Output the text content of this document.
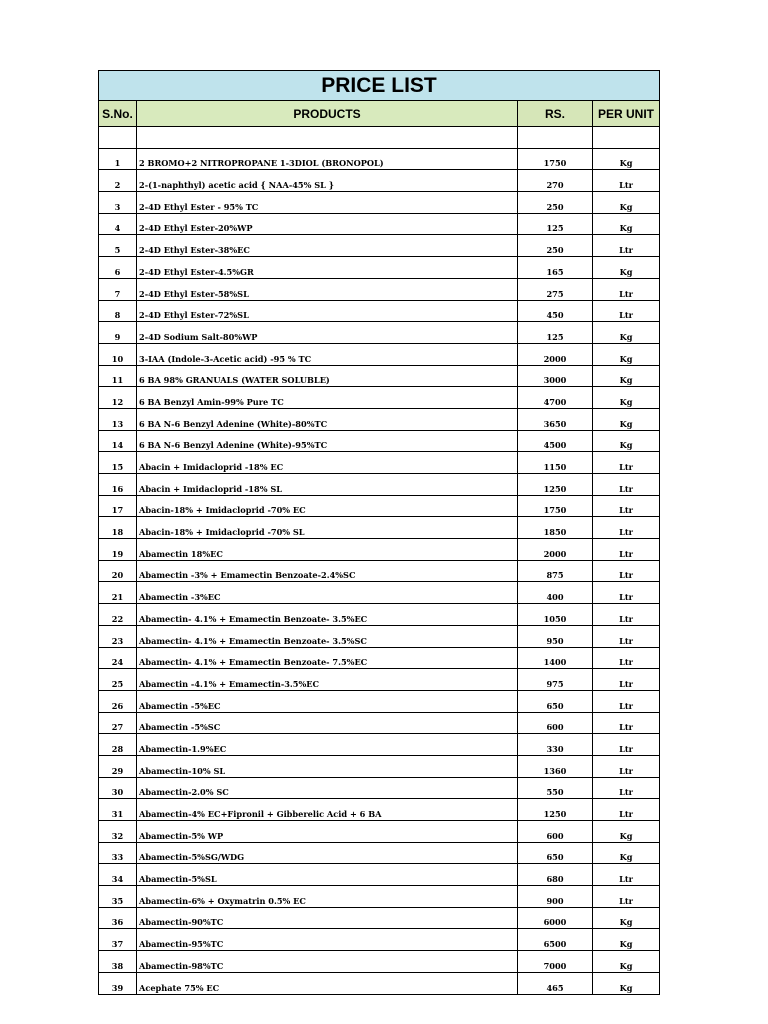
PRICE LIST			
S.No.	PRODUCTS	RS.	PER UNIT

1	2 BROMO+2 NITROPROPANE 1-3DIOL (BRONOPOL)	1750	Kg
2	2-(1-naphthyl) acetic acid { NAA-45% SL }	270	Ltr
3	2-4D Ethyl Ester - 95% TC	250	Kg
4	2-4D Ethyl Ester-20%WP	125	Kg
5	2-4D Ethyl Ester-38%EC	250	Ltr
6	2-4D Ethyl Ester-4.5%GR	165	Kg
7	2-4D Ethyl Ester-58%SL	275	Ltr
8	2-4D Ethyl Ester-72%SL	450	Ltr
9	2-4D Sodium Salt-80%WP	125	Kg
10	3-IAA (Indole-3-Acetic acid) -95 % TC	2000	Kg
11	6 BA 98% GRANUALS (WATER SOLUBLE)	3000	Kg
12	6 BA Benzyl Amin-99% Pure TC	4700	Kg
13	6 BA N-6 Benzyl Adenine (White)-80%TC	3650	Kg
14	6 BA N-6 Benzyl Adenine (White)-95%TC	4500	Kg
15	Abacin + Imidacloprid -18% EC	1150	Ltr
16	Abacin + Imidacloprid -18% SL	1250	Ltr
17	Abacin-18% + Imidacloprid -70% EC	1750	Ltr
18	Abacin-18% + Imidacloprid -70% SL	1850	Ltr
19	Abamectin 18%EC	2000	Ltr
20	Abamectin -3% + Emamectin Benzoate-2.4%SC	875	Ltr
21	Abamectin -3%EC	400	Ltr
22	Abamectin- 4.1% + Emamectin Benzoate- 3.5%EC	1050	Ltr
23	Abamectin- 4.1% + Emamectin Benzoate- 3.5%SC	950	Ltr
24	Abamectin- 4.1% + Emamectin Benzoate- 7.5%EC	1400	Ltr
25	Abamectin -4.1% + Emamectin-3.5%EC	975	Ltr
26	Abamectin -5%EC	650	Ltr
27	Abamectin -5%SC	600	Ltr
28	Abamectin-1.9%EC	330	Ltr
29	Abamectin-10% SL	1360	Ltr
30	Abamectin-2.0% SC	550	Ltr
31	Abamectin-4% EC+Fipronil + Gibberelic Acid + 6 BA	1250	Ltr
32	Abamectin-5% WP	600	Kg
33	Abamectin-5%SG/WDG	650	Kg
34	Abamectin-5%SL	680	Ltr
35	Abamectin-6% + Oxymatrin 0.5% EC	900	Ltr
36	Abamectin-90%TC	6000	Kg
37	Abamectin-95%TC	6500	Kg
38	Abamectin-98%TC	7000	Kg
39	Acephate 75% EC	465	Kg
